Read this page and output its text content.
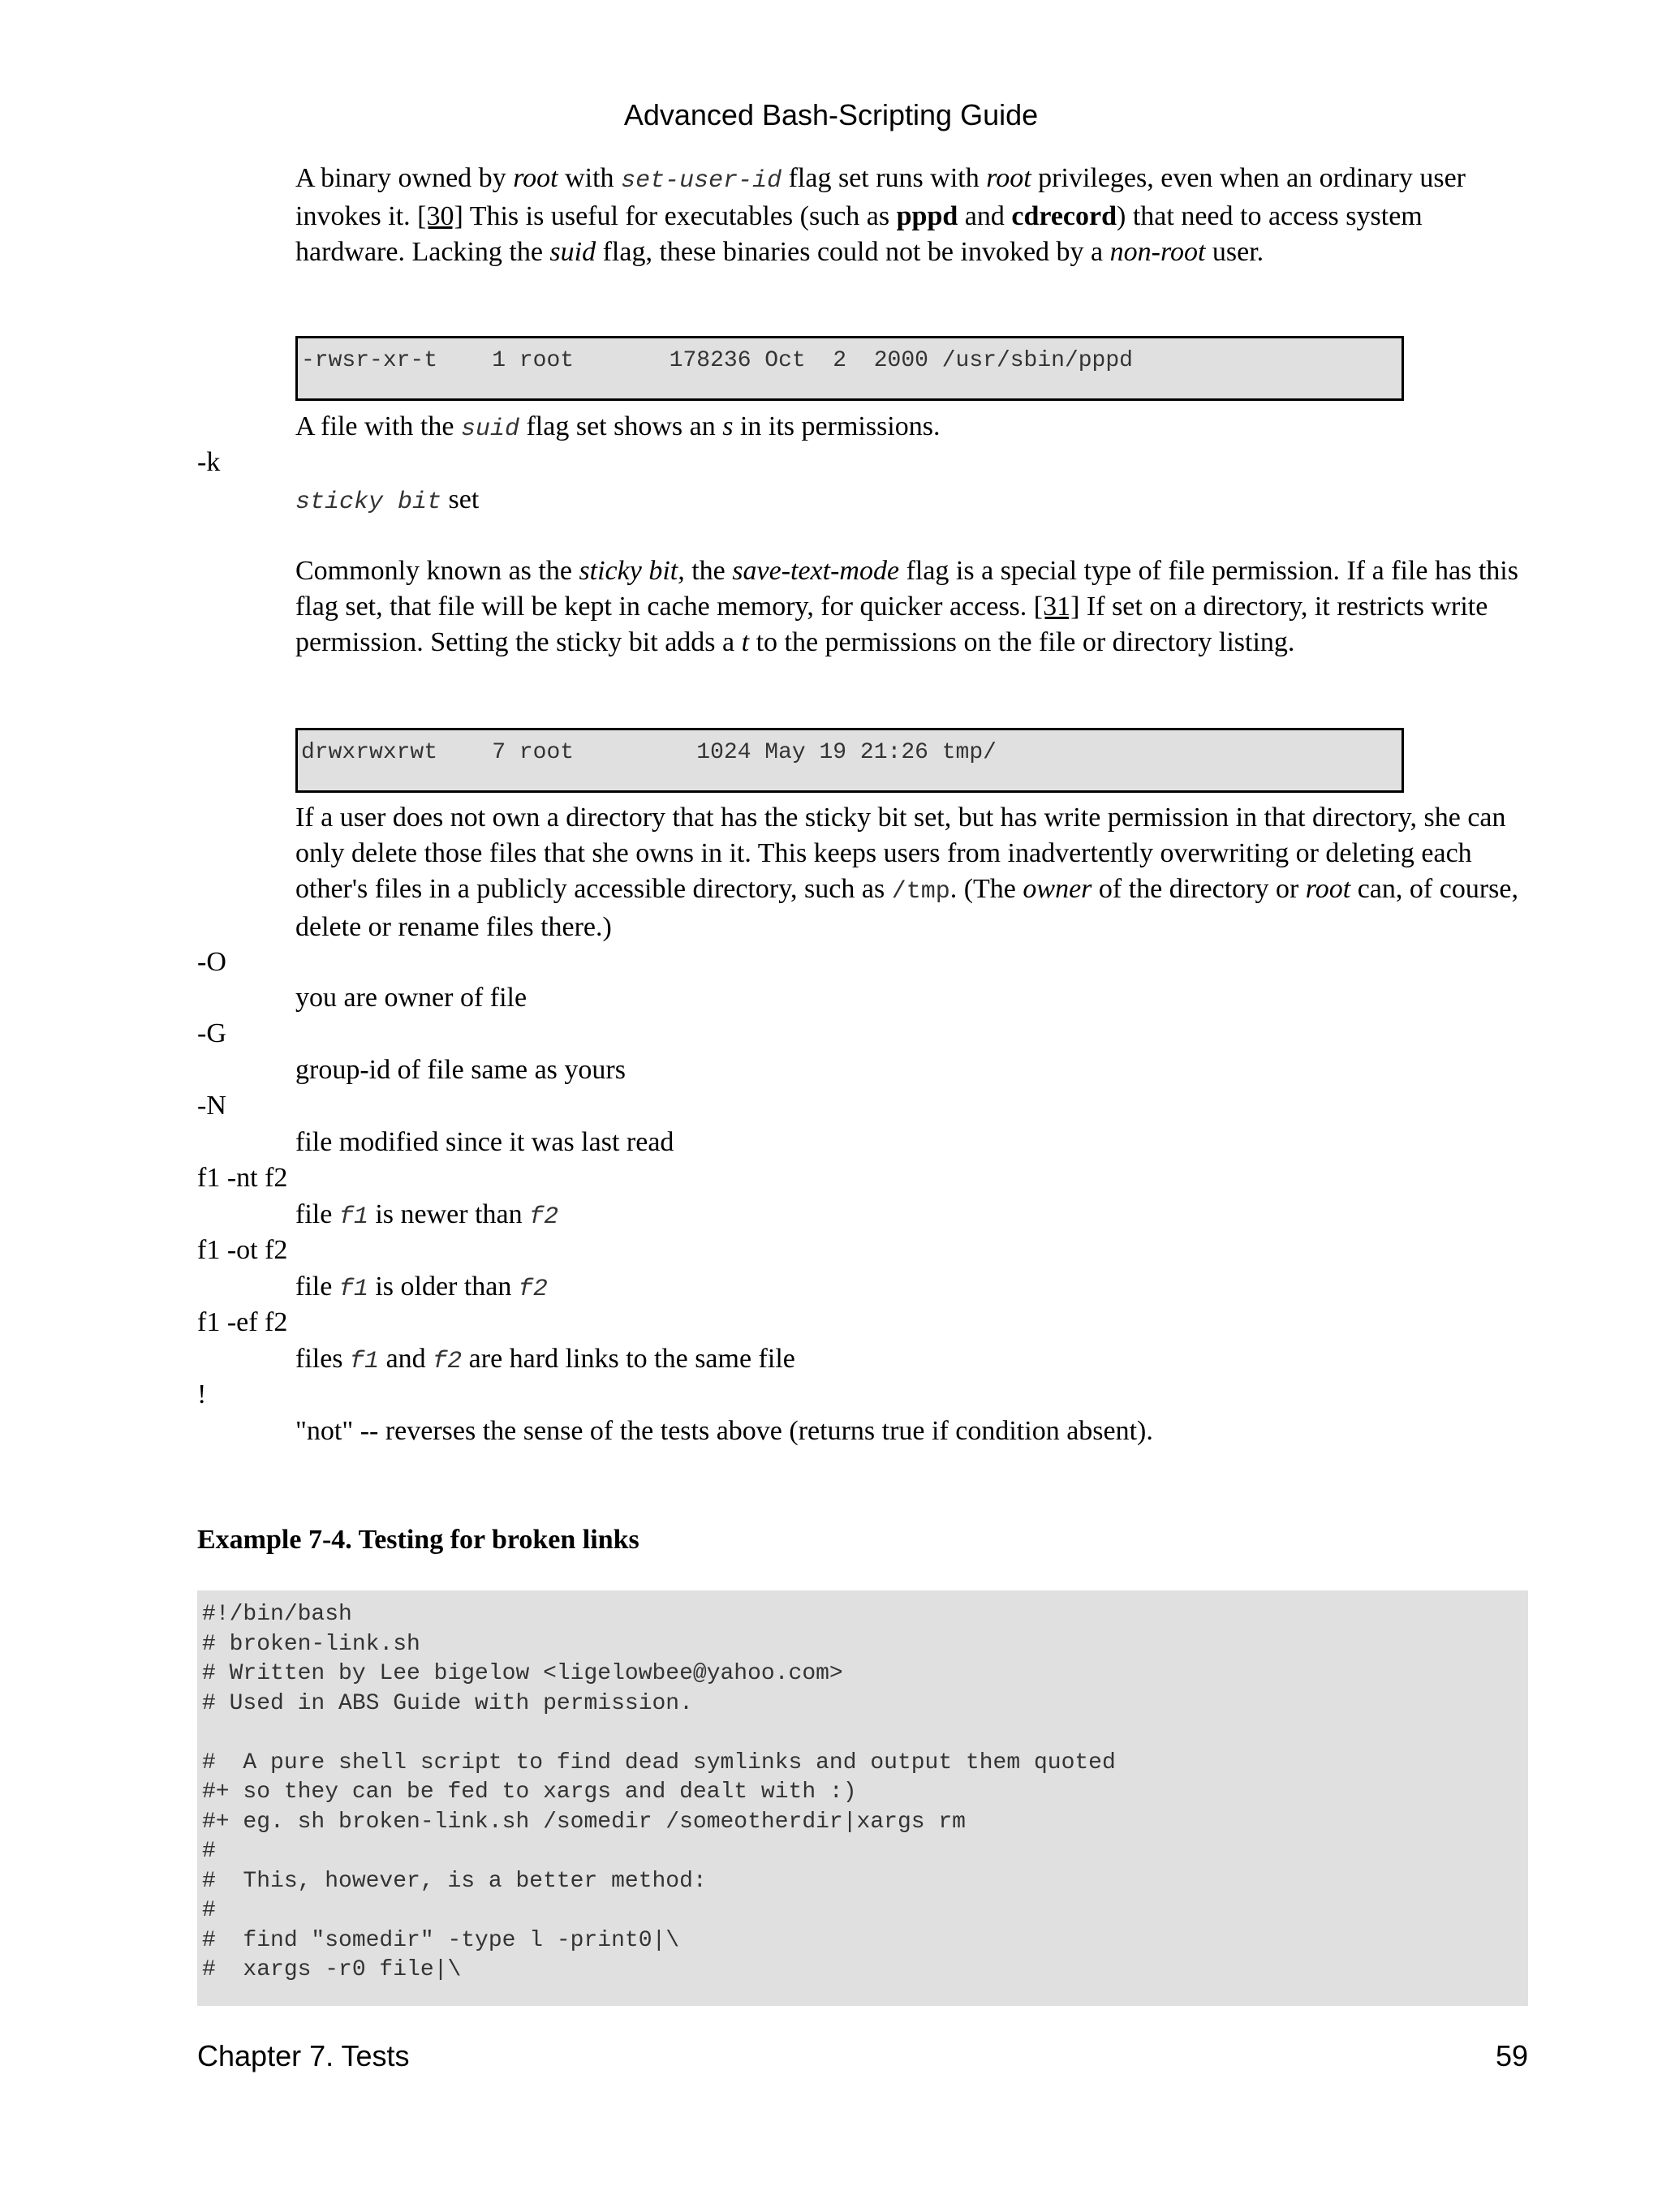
Advanced Bash-Scripting Guide
A binary owned by root with set-user-id flag set runs with root privileges, even when an ordinary user invokes it. [30] This is useful for executables (such as pppd and cdrecord) that need to access system hardware. Lacking the suid flag, these binaries could not be invoked by a non-root user.
-rwsr-xr-t    1 root       178236 Oct  2  2000 /usr/sbin/pppd
A file with the suid flag set shows an s in its permissions.
-k
sticky bit set
Commonly known as the sticky bit, the save-text-mode flag is a special type of file permission. If a file has this flag set, that file will be kept in cache memory, for quicker access. [31] If set on a directory, it restricts write permission. Setting the sticky bit adds a t to the permissions on the file or directory listing.
drwxrwxrwt    7 root         1024 May 19 21:26 tmp/
If a user does not own a directory that has the sticky bit set, but has write permission in that directory, she can only delete those files that she owns in it. This keeps users from inadvertently overwriting or deleting each other's files in a publicly accessible directory, such as /tmp. (The owner of the directory or root can, of course, delete or rename files there.)
-O
you are owner of file
-G
group-id of file same as yours
-N
file modified since it was last read
f1 -nt f2
file f1 is newer than f2
f1 -ot f2
file f1 is older than f2
f1 -ef f2
files f1 and f2 are hard links to the same file
!
"not" -- reverses the sense of the tests above (returns true if condition absent).
Example 7-4. Testing for broken links
#!/bin/bash
# broken-link.sh
# Written by Lee bigelow <ligelowbee@yahoo.com>
# Used in ABS Guide with permission.

#  A pure shell script to find dead symlinks and output them quoted
#+ so they can be fed to xargs and dealt with :)
#+ eg. sh broken-link.sh /somedir /someotherdir|xargs rm
#
#  This, however, is a better method:
#
#  find "somedir" -type l -print0|\
#  xargs -r0 file|\
Chapter 7. Tests	59
